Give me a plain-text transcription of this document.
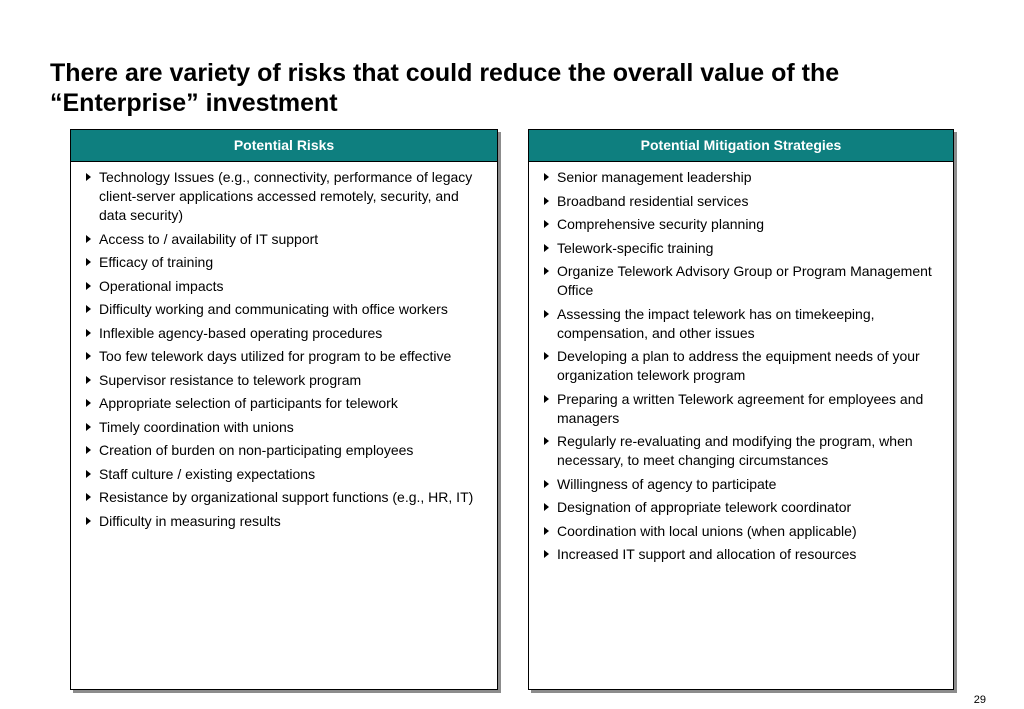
There are variety of risks that could reduce the overall value of the
“Enterprise” investment
Potential Risks
Technology Issues (e.g., connectivity, performance of legacy client-server applications accessed remotely, security, and data security)
Access to / availability of IT support
Efficacy of training
Operational impacts
Difficulty working and communicating with office workers
Inflexible agency-based operating procedures
Too few telework days utilized for program to be effective
Supervisor resistance to telework program
Appropriate selection of participants for telework
Timely coordination with unions
Creation of burden on non-participating employees
Staff culture / existing expectations
Resistance by organizational support functions (e.g., HR, IT)
Difficulty in measuring results
Potential Mitigation Strategies
Senior management leadership
Broadband residential services
Comprehensive security planning
Telework-specific training
Organize Telework Advisory Group or Program Management Office
Assessing the impact telework has on timekeeping, compensation, and other issues
Developing a plan to address the equipment needs of your organization telework program
Preparing a written Telework agreement for employees and managers
Regularly re-evaluating and modifying the program, when necessary, to meet changing circumstances
Willingness of agency to participate
Designation of appropriate telework coordinator
Coordination with local unions (when applicable)
Increased IT support and allocation of resources
29
